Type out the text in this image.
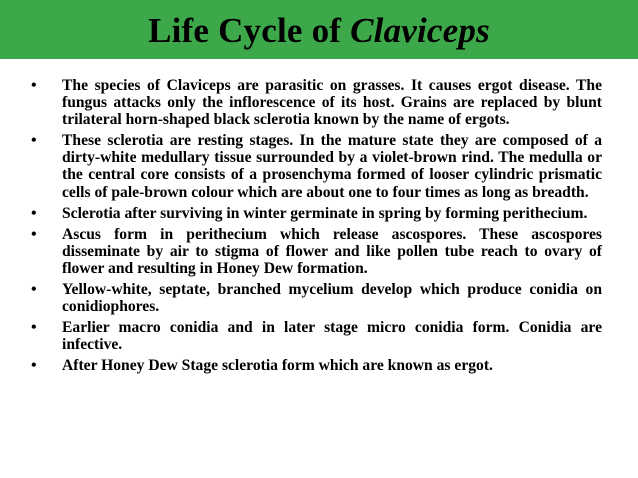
Life Cycle of Claviceps
• The species of Claviceps are parasitic on grasses. It causes ergot disease. The fungus attacks only the inflorescence of its host. Grains are replaced by blunt trilateral horn-shaped black sclerotia known by the name of ergots.
• These sclerotia are resting stages. In the mature state they are composed of a dirty-white medullary tissue surrounded by a violet-brown rind. The medulla or the central core consists of a prosenchyma formed of looser cylindric prismatic cells of pale-brown colour which are about one to four times as long as breadth.
• Sclerotia after surviving in winter germinate in spring by forming perithecium.
• Ascus form in perithecium which release ascospores. These ascospores disseminate by air to stigma of flower and like pollen tube reach to ovary of flower and resulting in Honey Dew formation.
• Yellow-white, septate, branched mycelium develop which produce conidia on conidiophores.
• Earlier macro conidia and in later stage micro conidia form. Conidia are infective.
• After Honey Dew Stage sclerotia form which are known as ergot.
